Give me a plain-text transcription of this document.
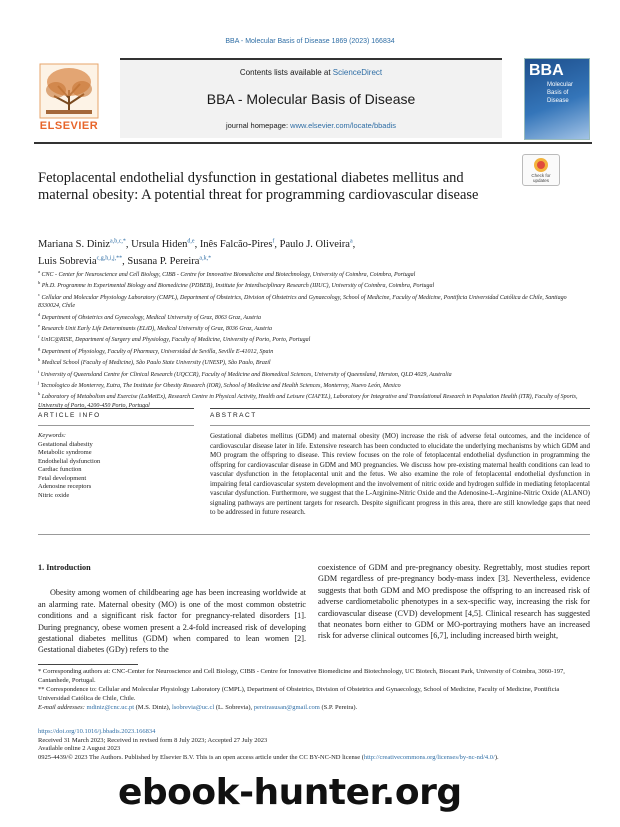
BBA - Molecular Basis of Disease 1869 (2023) 166834
ELSEVIER
Contents lists available at ScienceDirect
BBA - Molecular Basis of Disease
journal homepage: www.elsevier.com/locate/bbadis
BBA
Molecular Basis of Disease
Fetoplacental endothelial dysfunction in gestational diabetes mellitus and maternal obesity: A potential threat for programming cardiovascular disease
Check for updates
Mariana S. Diniz$^{a,b,c,*}$, Ursula Hiden$^{d,e}$, Inês Falcão-Pires$^f$, Paulo J. Oliveira$^a$,
Luis Sobrevia$^{c,g,h,i,j,**}$, Susana P. Pereira$^{a,k,*}$
$^a$ CNC - Center for Neuroscience and Cell Biology, CIBB - Centre for Innovative Biomedicine and Biotechnology, University of Coimbra, Coimbra, Portugal
$^b$ Ph.D. Programme in Experimental Biology and Biomedicine (PDBEB), Institute for Interdisciplinary Research (IIIUC), University of Coimbra, Coimbra, Portugal
$^c$ Cellular and Molecular Physiology Laboratory (CMPL), Department of Obstetrics, Division of Obstetrics and Gynaecology, School of Medicine, Faculty of Medicine, Pontificia Universidad Católica de Chile, Santiago 8330024, Chile
$^d$ Department of Obstetrics and Gynecology, Medical University of Graz, 8063 Graz, Austria
$^e$ Research Unit Early Life Determinants (ELiD), Medical University of Graz, 8036 Graz, Austria
$^f$ UnIC@RISE, Department of Surgery and Physiology, Faculty of Medicine, University of Porto, Porto, Portugal
$^g$ Department of Physiology, Faculty of Pharmacy, Universidad de Sevilla, Seville E-41012, Spain
$^h$ Medical School (Faculty of Medicine), São Paulo State University (UNESP), São Paulo, Brazil
$^i$ University of Queensland Centre for Clinical Research (UQCCR), Faculty of Medicine and Biomedical Sciences, University of Queensland, Herston, QLD 4029, Australia
$^j$ Tecnologico de Monterrey, Eutra, The Institute for Obesity Research (IOR), School of Medicine and Health Sciences, Monterrey, Nuevo León, Mexico
$^k$ Laboratory of Metabolism and Exercise (LaMetEx), Research Centre in Physical Activity, Health and Leisure (CIAFEL), Laboratory for Integrative and Translational Research in Population Health (ITR), Faculty of Sports, University of Porto, 4200-450 Porto, Portugal
ARTICLE INFO	ABSTRACT
Keywords:
Gestational diabesity
Metabolic syndrome
Endothelial dysfunction
Cardiac function
Fetal development
Adenosine receptors
Nitric oxide
Gestational diabetes mellitus (GDM) and maternal obesity (MO) increase the risk of adverse fetal outcomes, and the incidence of cardiovascular disease later in life. Extensive research has been conducted to elucidate the underlying mechanisms by which GDM and MO program the offspring to disease. This review focuses on the role of fetoplacental endothelial dysfunction in programming the offspring for cardiovascular disease in GDM and MO pregnancies. We discuss how pre-existing maternal health conditions can lead to vascular dysfunction in the fetoplacental unit and the fetus. We also examine the role of fetoplacental endothelial dysfunction in impairing fetal cardiovascular system development and the involvement of nitric oxide and hydrogen sulfide in mediating fetoplacental vascular dysfunction. Furthermore, we suggest that the L-Arginine-Nitric Oxide and the Adenosine-L-Arginine-Nitric Oxide (ALANO) signaling pathways are pertinent targets for research. Despite significant progress in this area, there are still knowledge gaps that need to be addressed in future research.
1. Introduction

Obesity among women of childbearing age has been increasing worldwide at an alarming rate. Maternal obesity (MO) is one of the most common obstetric conditions and a significant risk factor for pregnancy-related disorders [1]. During pregnancy, obese women present a 2.4-fold increased risk of developing gestational diabetes mellitus (GDM) when compared to lean women [2]. Gestational diabetes (GDy) refers to the

coexistence of GDM and pre-pregnancy obesity. Regrettably, most studies report GDM regardless of pre-pregnancy body-mass index [3]. Nevertheless, evidence suggests that both GDM and MO predispose the offspring to an increased risk of adverse cardiometabolic phenotypes in a sex-specific way, increasing the risk for cardiovascular disease (CVD) development [4,5]. Clinical research has suggested that neonates born either to GDM or MO-portraying mothers have an increased risk for adverse clinical outcomes [6,7], including increased birth weight,

* Corresponding authors at: CNC-Center for Neuroscience and Cell Biology, CIBB - Centre for Innovative Biomedicine and Biotechnology, UC Biotech, Biocant Park, University of Coimbra, 3060-197, Cantanhede, Portugal.

** Correspondence to: Cellular and Molecular Physiology Laboratory (CMPL), Department of Obstetrics, Division of Obstetrics and Gynaecology, School of Medicine, Faculty of Medicine, Pontificia Universidad Católica de Chile, Chile.

E-mail addresses: mdiniz@cnc.uc.pt (M.S. Diniz), lsobrevia@uc.cl (L. Sobrevia), pereirasusan@gmail.com (S.P. Pereira).

https://doi.org/10.1016/j.bbadis.2023.166834
Received 31 March 2023; Received in revised form 8 July 2023; Accepted 27 July 2023
Available online 2 August 2023
0925-4439/© 2023 The Authors. Published by Elsevier B.V. This is an open access article under the CC BY-NC-ND license (http://creativecommons.org/licenses/by-nc-nd/4.0/).
ebook-hunter.org
